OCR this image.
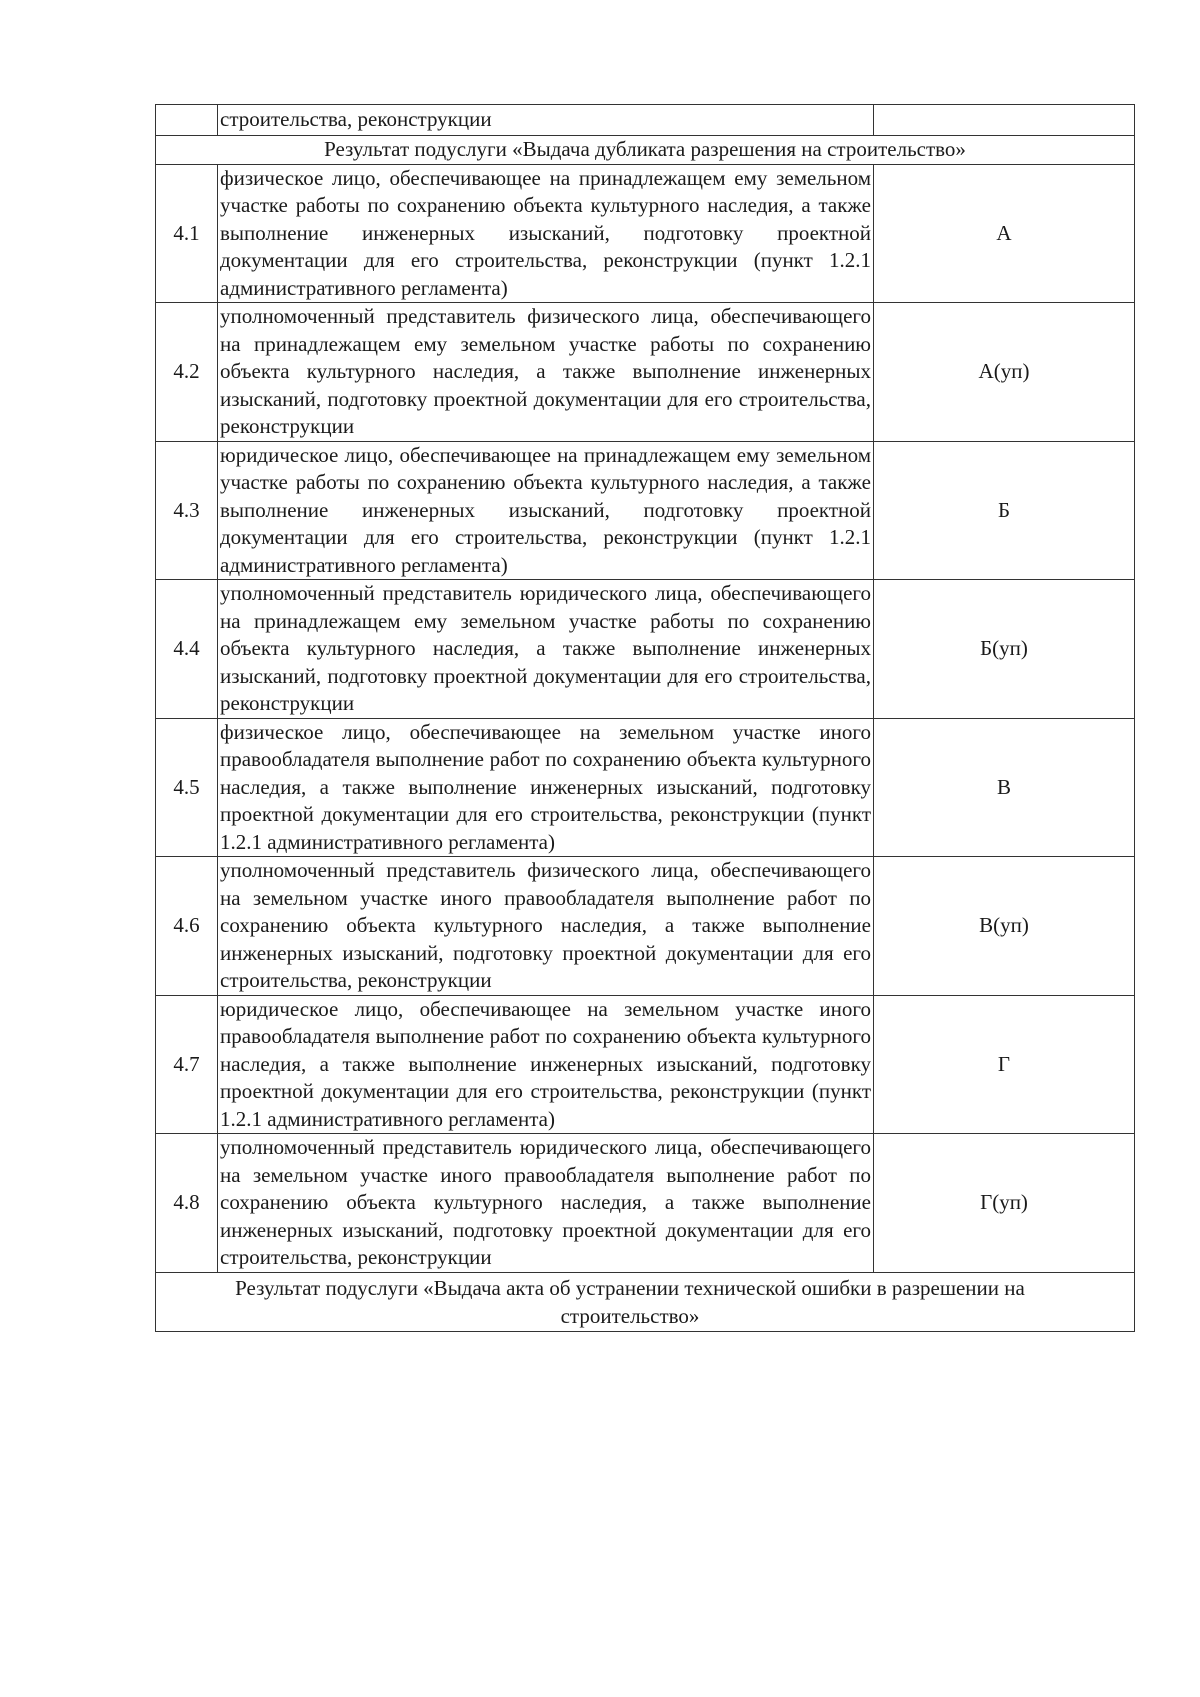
	строительства, реконструкции	
Результат подуслуги «Выдача дубликата разрешения на строительство»		
4.1	физическое лицо, обеспечивающее на принадлежащем ему земельном участке работы по сохранению объекта культурного наследия, а также выполнение инженерных изысканий, подготовку проектной документации для его строительства, реконструкции (пункт 1.2.1 административного регламента)	А
4.2	уполномоченный представитель физического лица, обеспечивающего на принадлежащем ему земельном участке работы по сохранению объекта культурного наследия, а также выполнение инженерных изысканий, подготовку проектной документации для его строительства, реконструкции	А(уп)
4.3	юридическое лицо, обеспечивающее на принадлежащем ему земельном участке работы по сохранению объекта культурного наследия, а также выполнение инженерных изысканий, подготовку проектной документации для его строительства, реконструкции (пункт 1.2.1 административного регламента)	Б
4.4	уполномоченный представитель юридического лица, обеспечивающего на принадлежащем ему земельном участке работы по сохранению объекта культурного наследия, а также выполнение инженерных изысканий, подготовку проектной документации для его строительства, реконструкции	Б(уп)
4.5	физическое лицо, обеспечивающее на земельном участке иного правообладателя выполнение работ по сохранению объекта культурного наследия, а также выполнение инженерных изысканий, подготовку проектной документации для его строительства, реконструкции (пункт 1.2.1 административного регламента)	В
4.6	уполномоченный представитель физического лица, обеспечивающего на земельном участке иного правообладателя выполнение работ по сохранению объекта культурного наследия, а также выполнение инженерных изысканий, подготовку проектной документации для его строительства, реконструкции	В(уп)
4.7	юридическое лицо, обеспечивающее на земельном участке иного правообладателя выполнение работ по сохранению объекта культурного наследия, а также выполнение инженерных изысканий, подготовку проектной документации для его строительства, реконструкции (пункт 1.2.1 административного регламента)	Г
4.8	уполномоченный представитель юридического лица, обеспечивающего на земельном участке иного правообладателя выполнение работ по сохранению объекта культурного наследия, а также выполнение инженерных изысканий, подготовку проектной документации для его строительства, реконструкции	Г(уп)
Результат подуслуги «Выдача акта об устранении технической ошибки в разрешении на строительство»		
